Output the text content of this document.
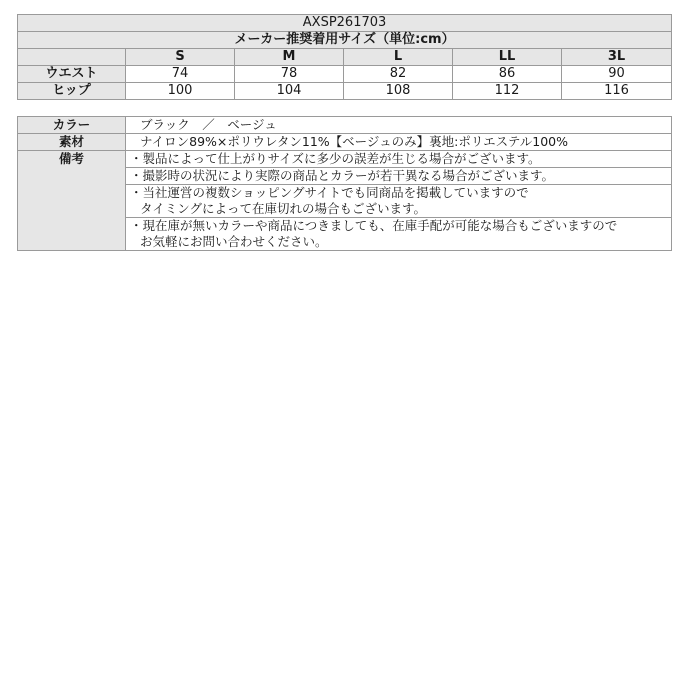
AXSP261703					
メーカー推奨着用サイズ（単位:cm）					
	S	M	L	LL	3L
ウエスト	74	78	82	86	90
ヒップ	100	104	108	112	116
カラー	ブラック　／　ベージュ
素材	ナイロン89%×ポリウレタン11%【ベージュのみ】裏地:ポリエステル100%
備考	・製品によって仕上がりサイズに多少の誤差が生じる場合がございます。

	・撮影時の状況により実際の商品とカラーが若干異なる場合がございます。

	・当社運営の複数ショッピングサイトでも同商品を掲載していますので
タイミングによって在庫切れの場合もございます。

	・現在庫が無いカラーや商品につきましても、在庫手配が可能な場合もございますので
お気軽にお問い合わせください。
